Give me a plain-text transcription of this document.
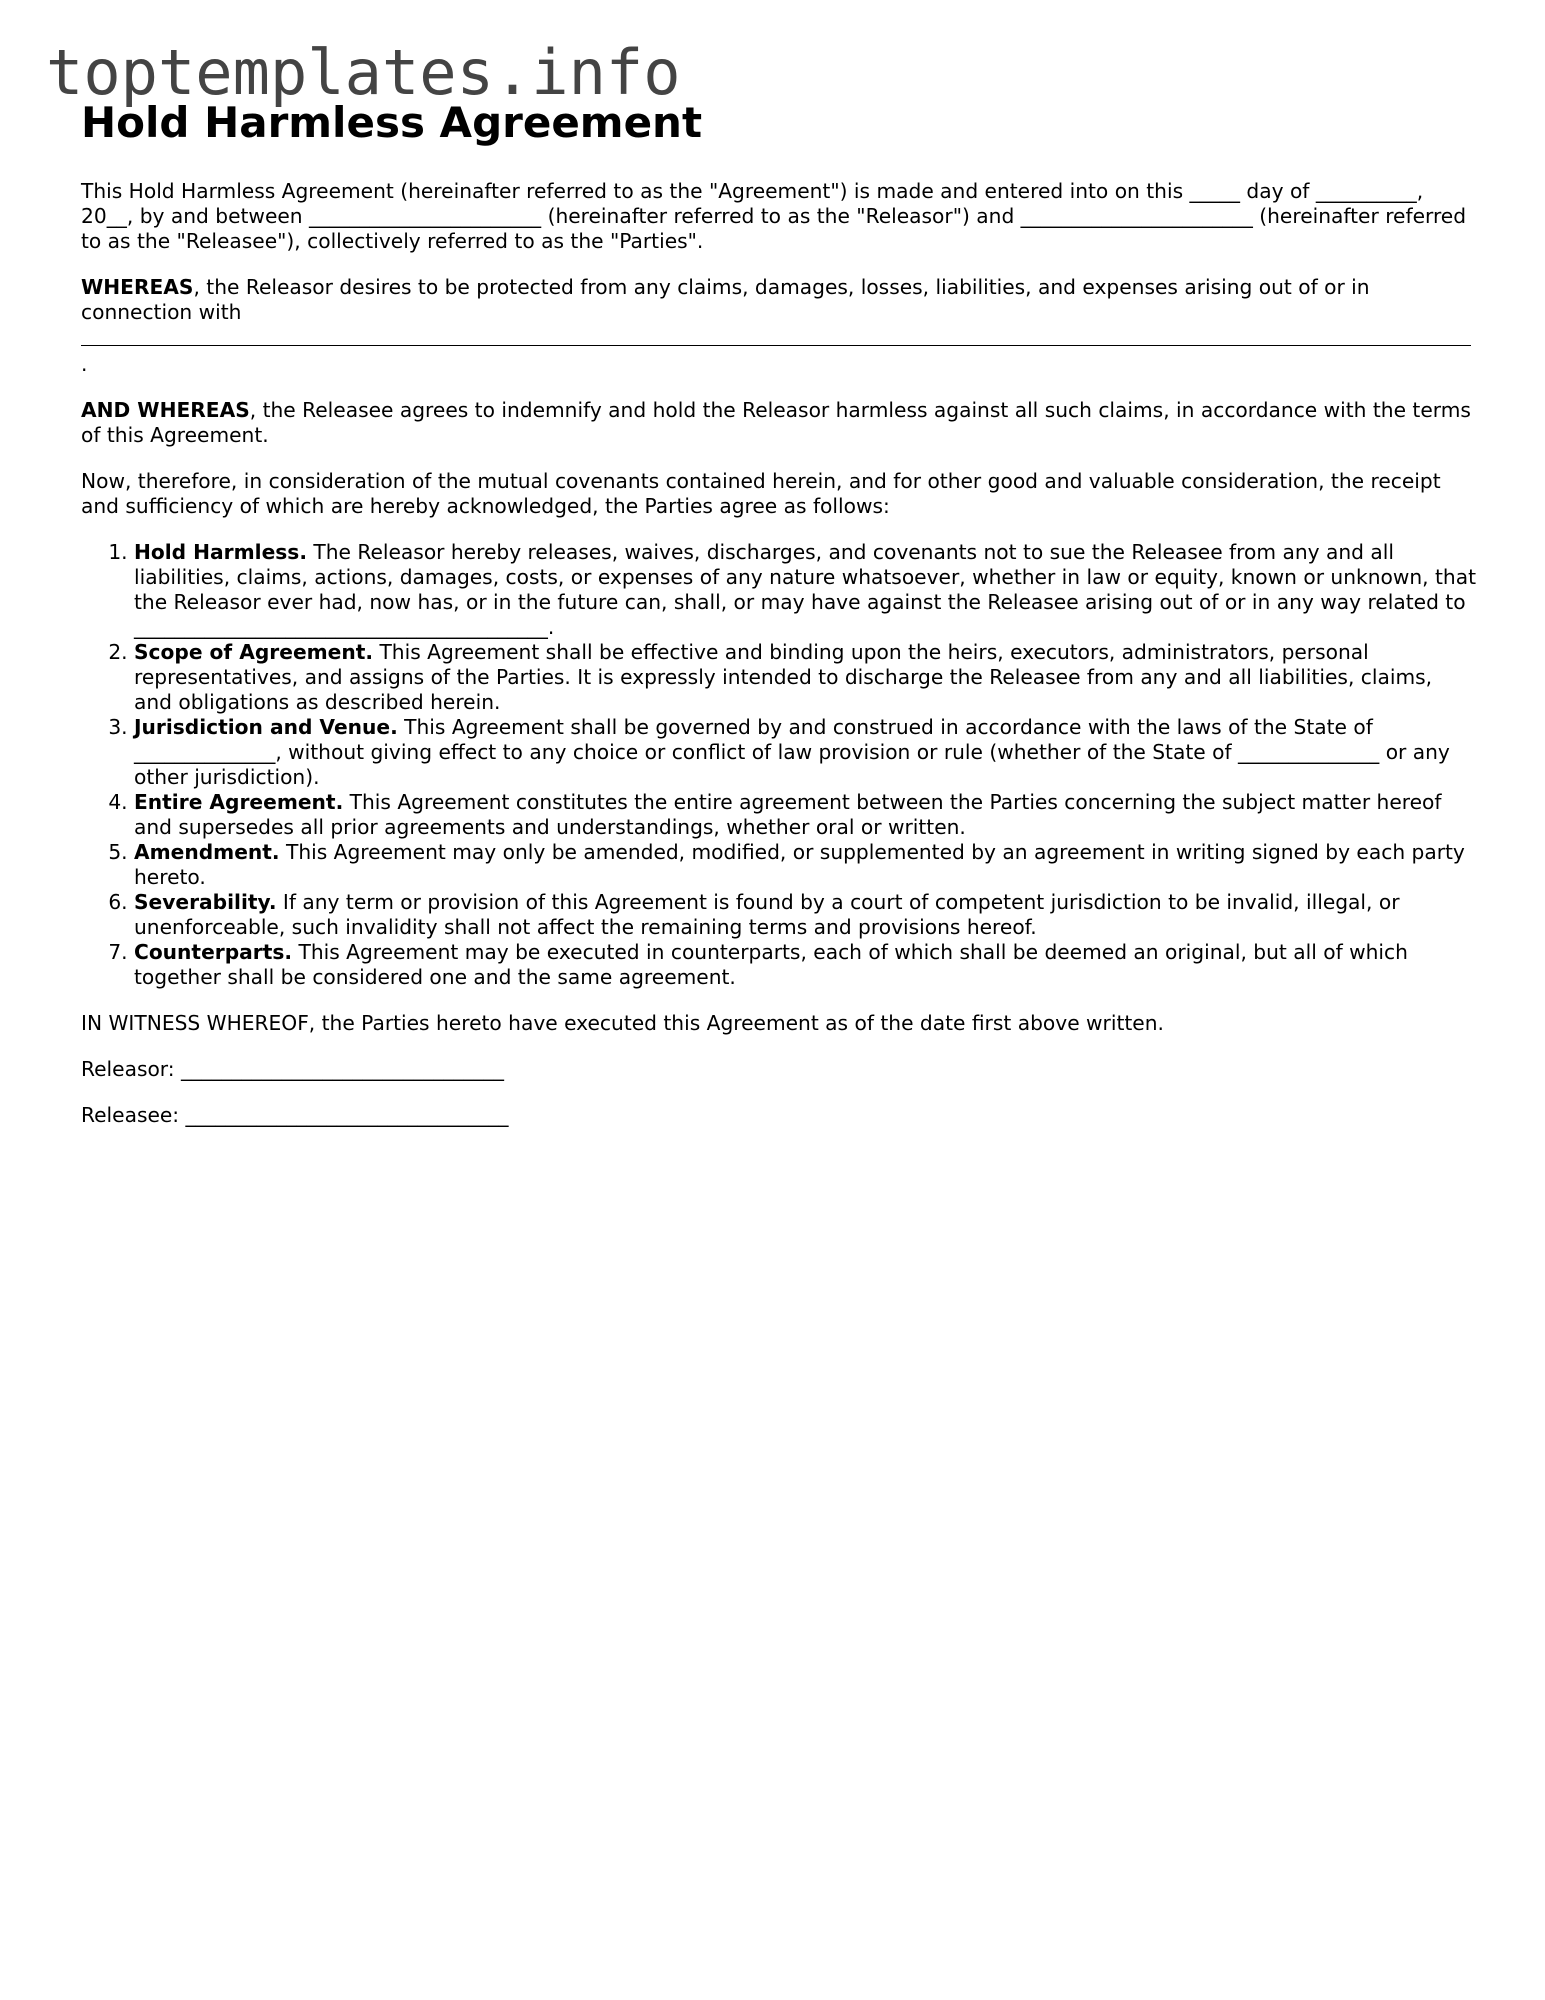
toptemplates.info
Hold Harmless Agreement

This Hold Harmless Agreement (hereinafter referred to as the "Agreement") is made and entered into on this _____ day of __________, 20__, by and between _______________________ (hereinafter referred to as the "Releasor") and _______________________ (hereinafter referred to as the "Releasee"), collectively referred to as the "Parties".

WHEREAS, the Releasor desires to be protected from any claims, damages, losses, liabilities, and expenses arising out of or in connection with
.

AND WHEREAS, the Releasee agrees to indemnify and hold the Releasor harmless against all such claims, in accordance with the terms of this Agreement.

Now, therefore, in consideration of the mutual covenants contained herein, and for other good and valuable consideration, the receipt and sufficiency of which are hereby acknowledged, the Parties agree as follows:

1. Hold Harmless. The Releasor hereby releases, waives, discharges, and covenants not to sue the Releasee from any and all liabilities, claims, actions, damages, costs, or expenses of any nature whatsoever, whether in law or equity, known or unknown, that the Releasor ever had, now has, or in the future can, shall, or may have against the Releasee arising out of or in any way related to _________________________________________.
2. Scope of Agreement. This Agreement shall be effective and binding upon the heirs, executors, administrators, personal representatives, and assigns of the Parties. It is expressly intended to discharge the Releasee from any and all liabilities, claims, and obligations as described herein.
3. Jurisdiction and Venue. This Agreement shall be governed by and construed in accordance with the laws of the State of ______________, without giving effect to any choice or conflict of law provision or rule (whether of the State of ______________ or any other jurisdiction).
4. Entire Agreement. This Agreement constitutes the entire agreement between the Parties concerning the subject matter hereof and supersedes all prior agreements and understandings, whether oral or written.
5. Amendment. This Agreement may only be amended, modified, or supplemented by an agreement in writing signed by each party hereto.
6. Severability. If any term or provision of this Agreement is found by a court of competent jurisdiction to be invalid, illegal, or unenforceable, such invalidity shall not affect the remaining terms and provisions hereof.
7. Counterparts. This Agreement may be executed in counterparts, each of which shall be deemed an original, but all of which together shall be considered one and the same agreement.

IN WITNESS WHEREOF, the Parties hereto have executed this Agreement as of the date first above written.

Releasor: ________________________________

Releasee: ________________________________
